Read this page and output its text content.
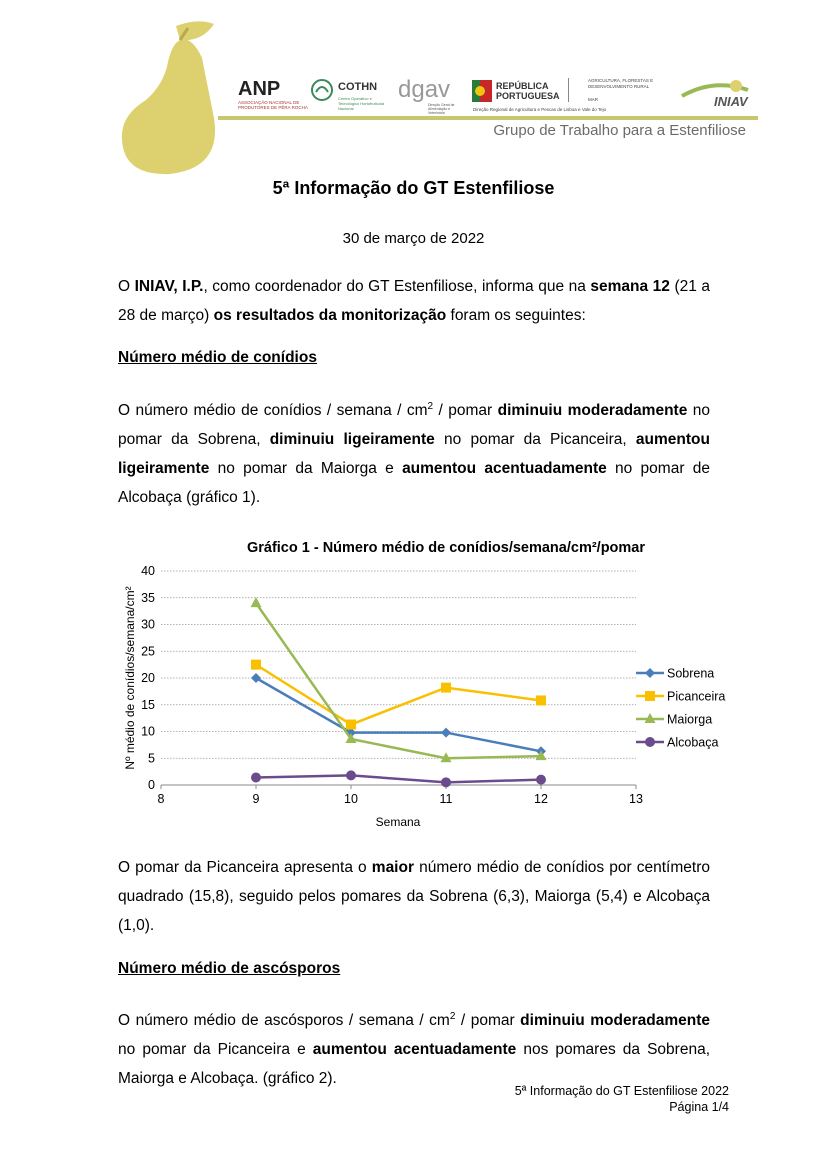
ANP
ASSOCIAÇÃO NACIONAL DE PRODUTORES DE PÊRA ROCHA
COTHN
Centro Operativo e Tecnológico Hortofrutícola Nacional
dgav
Direção Geral de Alimentação e Veterinária
REPÚBLICA PORTUGUESA
AGRICULTURA, FLORESTAS E DESENVOLVIMENTO RURAL
MAR
Direção Regional de Agricultura e Pescas de Lisboa e Vale do Tejo
INIAV
Grupo de Trabalho para a Estenfiliose
5ª Informação do GT Estenfiliose
30 de março de 2022
O INIAV, I.P., como coordenador do GT Estenfiliose, informa que na semana 12 (21 a 28 de março) os resultados da monitorização foram os seguintes:
Número médio de conídios
O número médio de conídios / semana / $cm^2$ / pomar diminuiu moderadamente no pomar da Sobrena, diminuiu ligeiramente no pomar da Picanceira, aumentou ligeiramente no pomar da Maiorga e aumentou acentuadamente no pomar de Alcobaça (gráfico 1).
Gráfico 1 - Número médio de conídios/semana/cm²/pomar
0
5
10
15
20
25
30
35
40
8	9	10	11	12	13
Semana
Nº médio de conídios/semana/cm²	Sobrena
Picanceira
Maiorga
Alcobaça
O pomar da Picanceira apresenta o maior número médio de conídios por centímetro quadrado (15,8), seguido pelos pomares da Sobrena (6,3), Maiorga (5,4) e Alcobaça (1,0).
Número médio de ascósporos
O número médio de ascósporos / semana / $cm^2$ / pomar diminuiu moderadamente no pomar da Picanceira e aumentou acentuadamente nos pomares da Sobrena, Maiorga e Alcobaça. (gráfico 2).
5ª Informação do GT Estenfiliose 2022
Página 1/4
